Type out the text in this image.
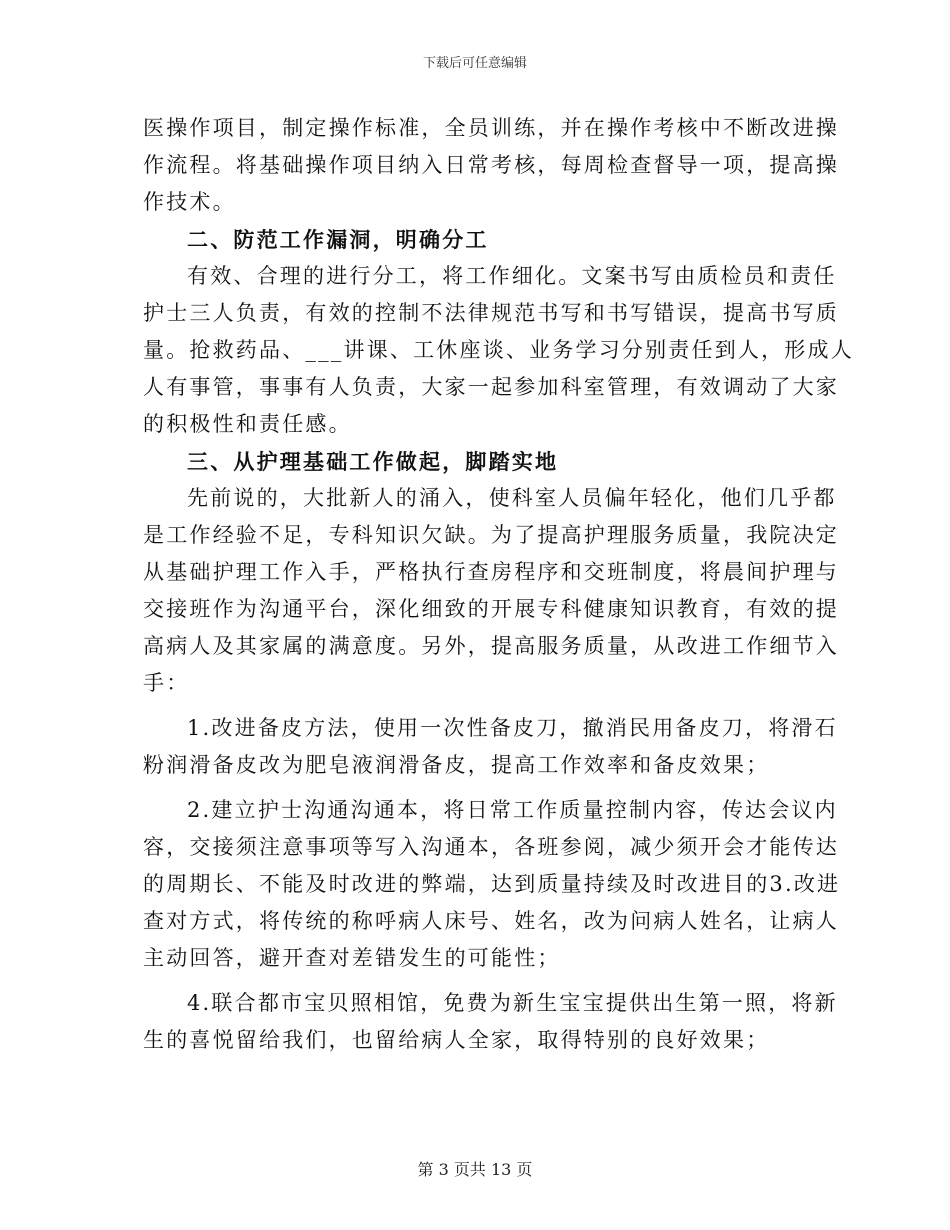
下载后可任意编辑
医操作项目，制定操作标准，全员训练，并在操作考核中不断改进操
作流程。将基础操作项目纳入日常考核，每周检查督导一项，提高操
作技术。
二、防范工作漏洞，明确分工
有效、合理的进行分工，将工作细化。文案书写由质检员和责任
护士三人负责，有效的控制不法律规范书写和书写错误，提高书写质
量。抢救药品、___讲课、工休座谈、业务学习分别责任到人，形成人
人有事管，事事有人负责，大家一起参加科室管理，有效调动了大家
的积极性和责任感。
三、从护理基础工作做起，脚踏实地
先前说的，大批新人的涌入，使科室人员偏年轻化，他们几乎都
是工作经验不足，专科知识欠缺。为了提高护理服务质量，我院决定
从基础护理工作入手，严格执行查房程序和交班制度，将晨间护理与
交接班作为沟通平台，深化细致的开展专科健康知识教育，有效的提
高病人及其家属的满意度。另外，提高服务质量，从改进工作细节入
手：
1.改进备皮方法，使用一次性备皮刀，撤消民用备皮刀，将滑石
粉润滑备皮改为肥皂液润滑备皮，提高工作效率和备皮效果；
2.建立护士沟通沟通本，将日常工作质量控制内容，传达会议内
容，交接须注意事项等写入沟通本，各班参阅，减少须开会才能传达
的周期长、不能及时改进的弊端，达到质量持续及时改进目的3.改进
查对方式，将传统的称呼病人床号、姓名，改为问病人姓名，让病人
主动回答，避开查对差错发生的可能性；
4.联合都市宝贝照相馆，免费为新生宝宝提供出生第一照，将新
生的喜悦留给我们，也留给病人全家，取得特别的良好效果；
第 3 页共 13 页
